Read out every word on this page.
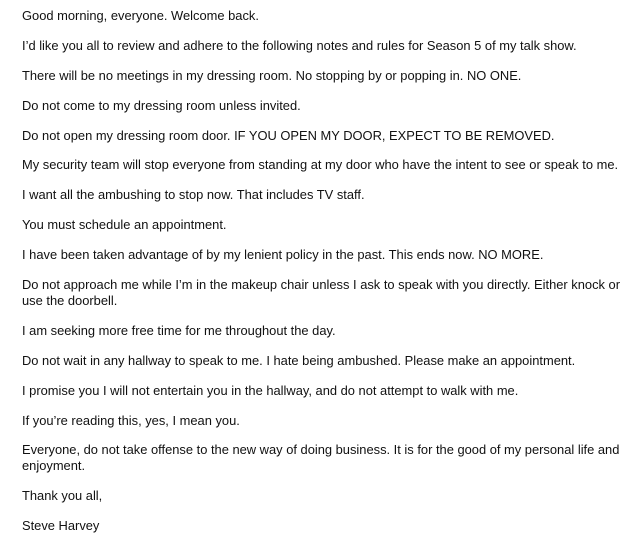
Good morning, everyone. Welcome back.

I’d like you all to review and adhere to the following notes and rules for Season 5 of my talk show.

There will be no meetings in my dressing room. No stopping by or popping in. NO ONE.

Do not come to my dressing room unless invited.

Do not open my dressing room door. IF YOU OPEN MY DOOR, EXPECT TO BE REMOVED.

My security team will stop everyone from standing at my door who have the intent to see or speak to me.

I want all the ambushing to stop now. That includes TV staff.

You must schedule an appointment.

I have been taken advantage of by my lenient policy in the past. This ends now. NO MORE.

Do not approach me while I’m in the makeup chair unless I ask to speak with you directly. Either knock or use the doorbell.

I am seeking more free time for me throughout the day.

Do not wait in any hallway to speak to me. I hate being ambushed. Please make an appointment.

I promise you I will not entertain you in the hallway, and do not attempt to walk with me.

If you’re reading this, yes, I mean you.

Everyone, do not take offense to the new way of doing business. It is for the good of my personal life and enjoyment.

Thank you all,

Steve Harvey
